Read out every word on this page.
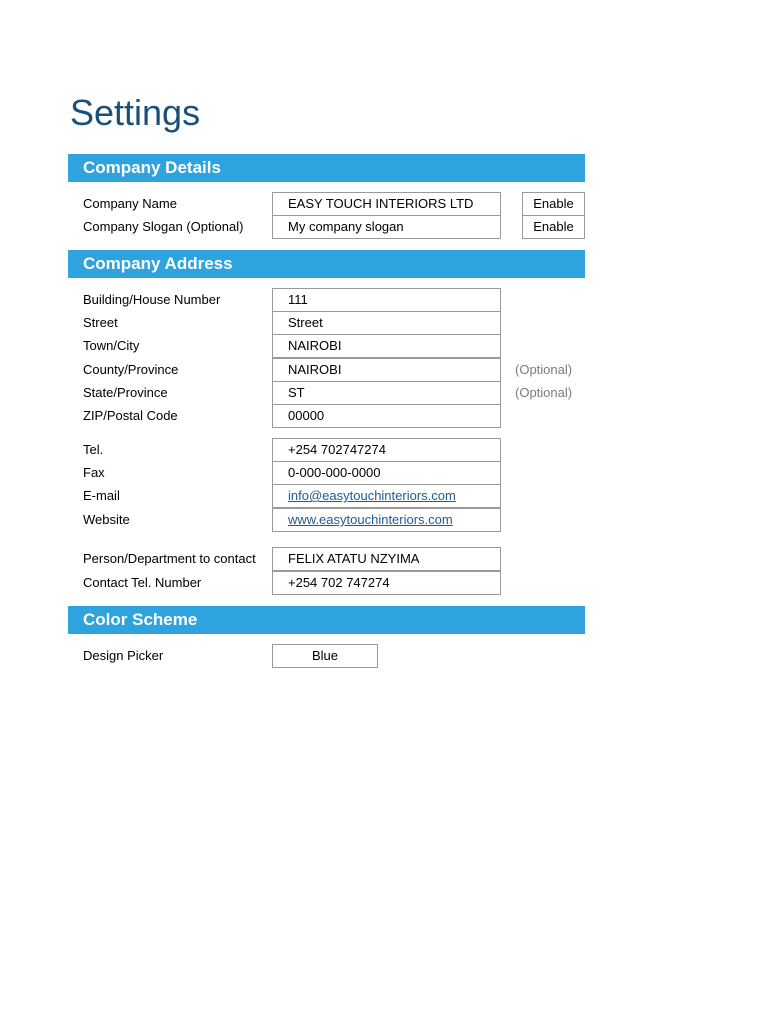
Settings
Company Details
Company Name	EASY TOUCH INTERIORS LTD	Enable
Company Slogan (Optional)	My company slogan	Enable
Company Address
Building/House Number	111
Street	Street
Town/City	NAIROBI
County/Province	NAIROBI	(Optional)
State/Province	ST	(Optional)
ZIP/Postal Code	00000
Tel.	+254 702747274
Fax	0-000-000-0000
E-mail	info@easytouchinteriors.com
Website	www.easytouchinteriors.com
Person/Department to contact	FELIX ATATU NZYIMA
Contact Tel. Number	+254 702 747274
Color Scheme
Design Picker	Blue
